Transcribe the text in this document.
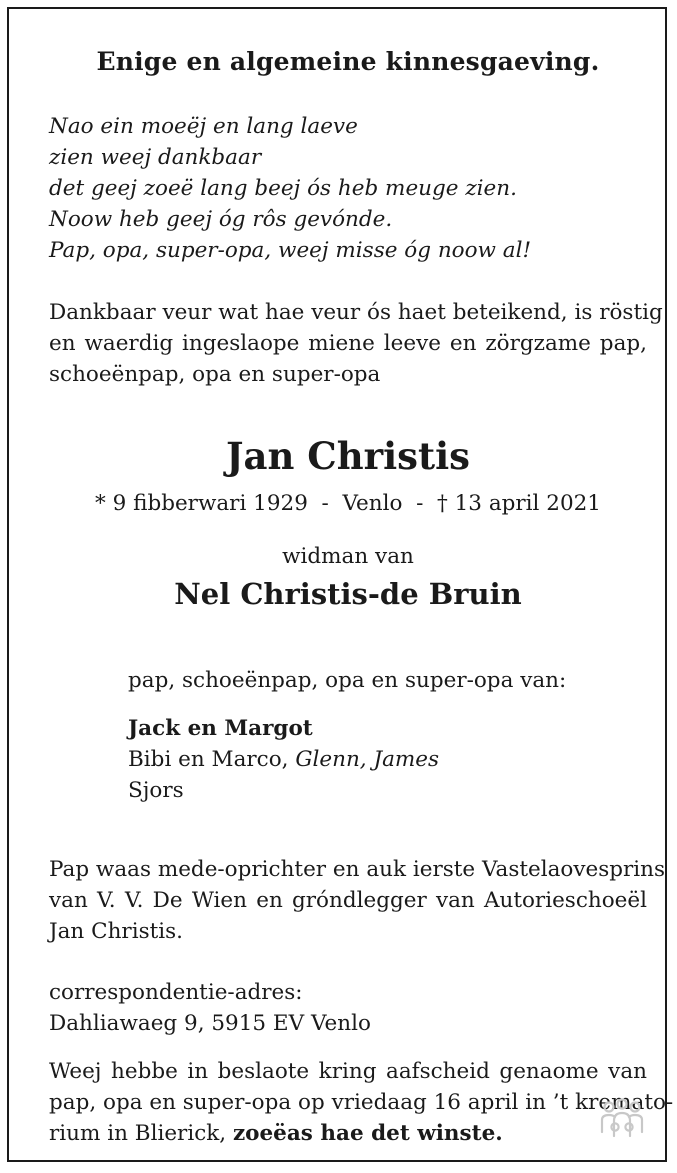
Enige en algemeine kinnesgaeving.
Nao ein moeëj en lang laeve
zien weej dankbaar
det geej zoeë lang beej ós heb meuge zien.
Noow heb geej óg rôs gevónde.
Pap, opa, super-opa, weej misse óg noow al!
Dankbaar veur wat hae veur ós haet beteikend, is röstig
en waerdig ingeslaope miene leeve en zörgzame pap,
schoeënpap, opa en super-opa
Jan Christis
* 9 fibberwari 1929  -  Venlo  -  † 13 april 2021
widman van
Nel Christis-de Bruin
pap, schoeënpap, opa en super-opa van:
Jack en Margot
Bibi en Marco, Glenn, James
Sjors
Pap waas mede-oprichter en auk ierste Vastelaovesprins
van V. V. De Wien en gróndlegger van Autorieschoeël
Jan Christis.
correspondentie-adres:
Dahliawaeg 9, 5915 EV Venlo
Weej hebbe in beslaote kring aafscheid genaome van
pap, opa en super-opa op vriedaag 16 april in ’t kremato-
rium in Blierick, zoeëas hae det winste.
